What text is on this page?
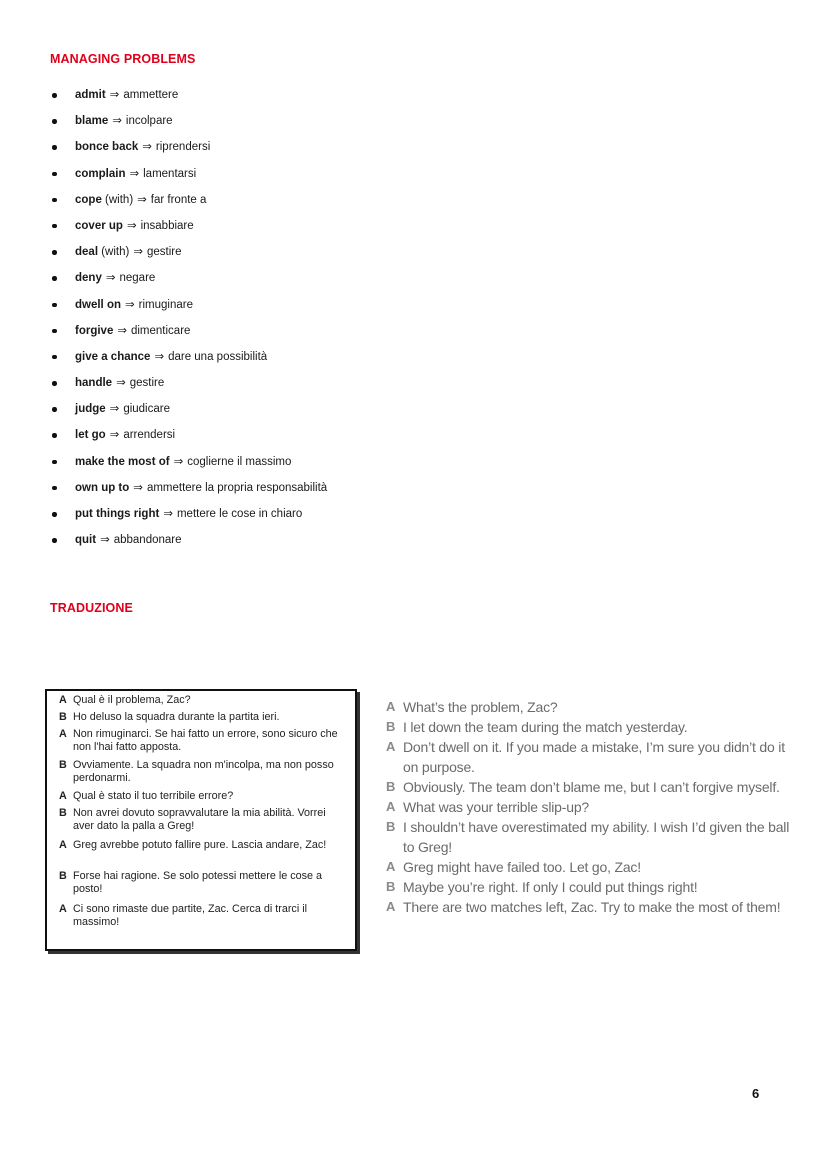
MANAGING PROBLEMS
admit ⇒ ammettere
blame ⇒ incolpare
bonce back ⇒ riprendersi
complain ⇒ lamentarsi
cope (with) ⇒ far fronte a
cover up ⇒ insabbiare
deal (with) ⇒ gestire
deny ⇒ negare
dwell on ⇒ rimuginare
forgive ⇒ dimenticare
give a chance ⇒ dare una possibilità
handle ⇒ gestire
judge ⇒ giudicare
let go ⇒ arrendersi
make the most of ⇒ coglierne il massimo
own up to ⇒ ammettere la propria responsabilità
put things right ⇒ mettere le cose in chiaro
quit ⇒ abbandonare
TRADUZIONE
A Qual è il problema, Zac?
B Ho deluso la squadra durante la partita ieri.
A Non rimuginarci. Se hai fatto un errore, sono sicuro che non l'hai fatto apposta.
B Ovviamente. La squadra non m'incolpa, ma non posso perdonarmi.
A Qual è stato il tuo terribile errore?
B Non avrei dovuto sopravvalutare la mia abilità. Vorrei aver dato la palla a Greg!
A Greg avrebbe potuto fallire pure. Lascia andare, Zac!
B Forse hai ragione. Se solo potessi mettere le cose a posto!
A Ci sono rimaste due partite, Zac. Cerca di trarci il massimo!
A What’s the problem, Zac?
B I let down the team during the match yesterday.
A Don’t dwell on it. If you made a mistake, I’m sure you didn’t do it on purpose.
B Obviously. The team don’t blame me, but I can’t forgive myself.
A What was your terrible slip-up?
B I shouldn’t have overestimated my ability. I wish I’d given the ball to Greg!
A Greg might have failed too. Let go, Zac!
B Maybe you’re right. If only I could put things right!
A There are two matches left, Zac. Try to make the most of them!
6
